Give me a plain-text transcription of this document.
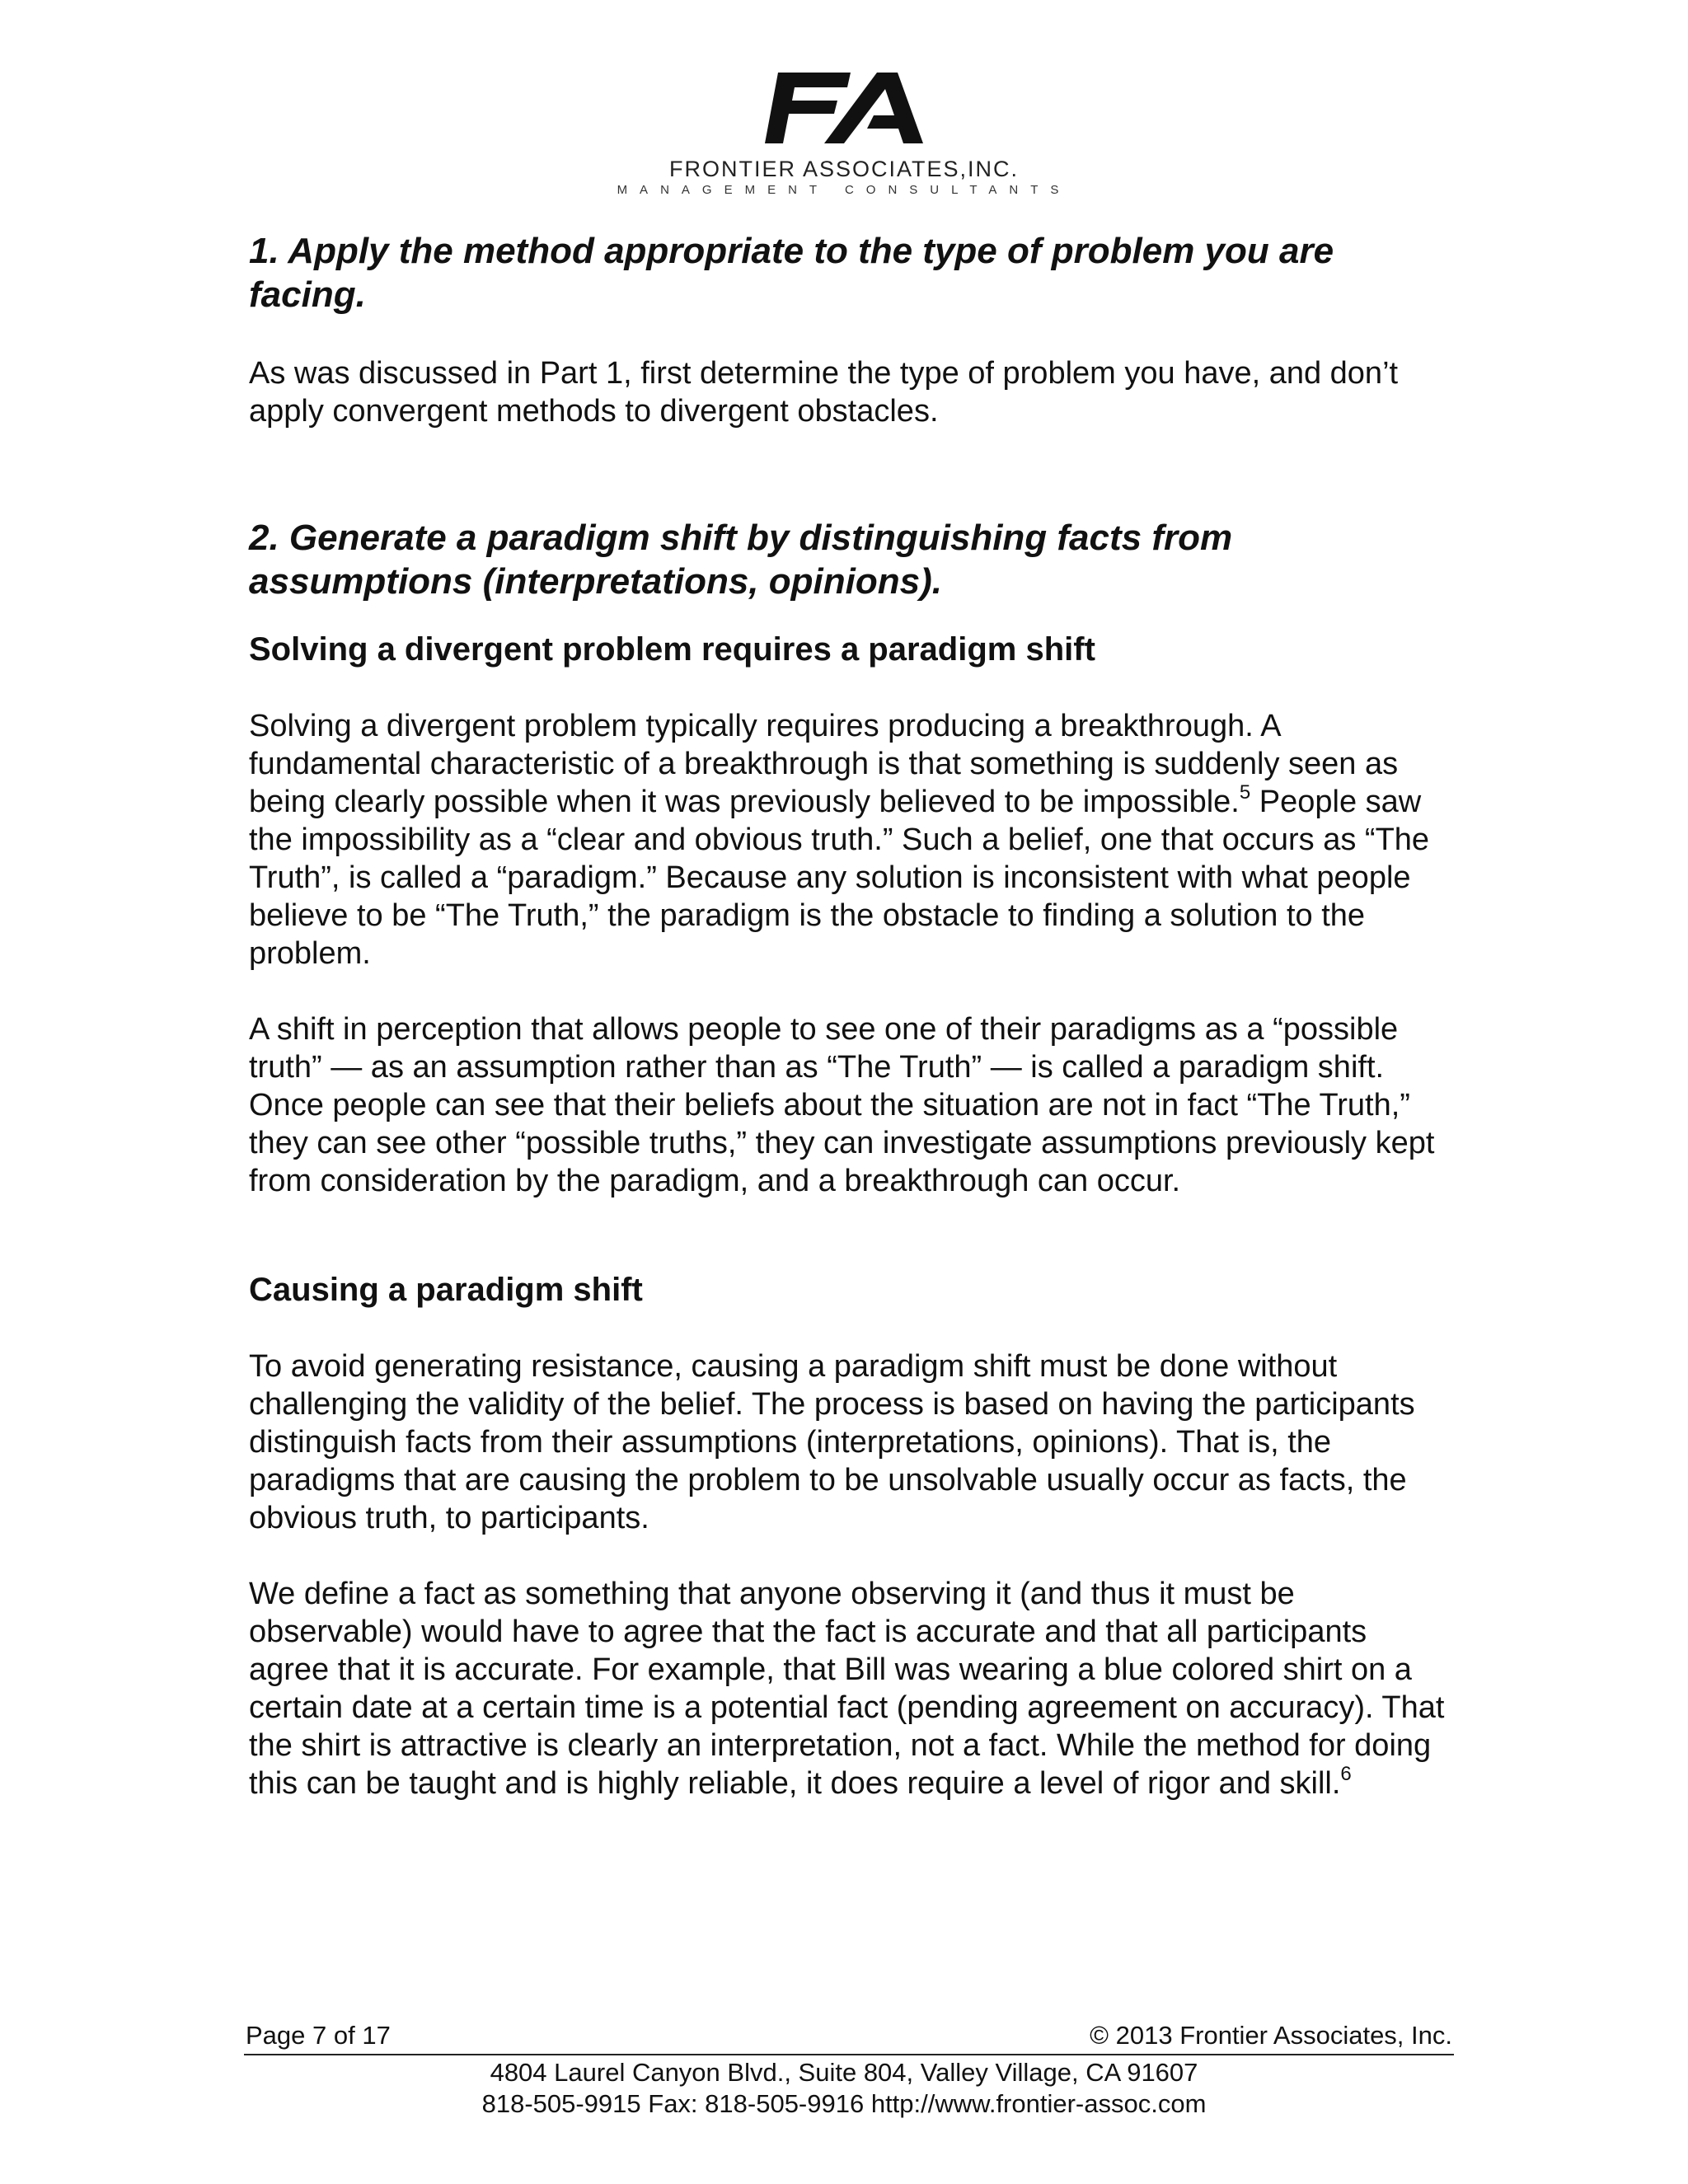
FRONTIER ASSOCIATES,INC.
MANAGEMENT CONSULTANTS
1. Apply the method appropriate to the type of problem you are facing.

As was discussed in Part 1, first determine the type of problem you have, and don’t apply convergent methods to divergent obstacles.

2. Generate a paradigm shift by distinguishing facts from assumptions (interpretations, opinions).
Solving a divergent problem requires a paradigm shift

Solving a divergent problem typically requires producing a breakthrough. A fundamental characteristic of a breakthrough is that something is suddenly seen as being clearly possible when it was previously believed to be impossible.$^5$ People saw the impossibility as a “clear and obvious truth.” Such a belief, one that occurs as “The Truth”, is called a “paradigm.” Because any solution is inconsistent with what people believe to be “The Truth,” the paradigm is the obstacle to finding a solution to the problem.

A shift in perception that allows people to see one of their paradigms as a “possible truth” — as an assumption rather than as “The Truth” — is called a paradigm shift. Once people can see that their beliefs about the situation are not in fact “The Truth,” they can see other “possible truths,” they can investigate assumptions previously kept from consideration by the paradigm, and a breakthrough can occur.

Causing a paradigm shift

To avoid generating resistance, causing a paradigm shift must be done without challenging the validity of the belief. The process is based on having the participants distinguish facts from their assumptions (interpretations, opinions). That is, the paradigms that are causing the problem to be unsolvable usually occur as facts, the obvious truth, to participants.

We define a fact as something that anyone observing it (and thus it must be observable) would have to agree that the fact is accurate and that all participants agree that it is accurate. For example, that Bill was wearing a blue colored shirt on a certain date at a certain time is a potential fact (pending agreement on accuracy). That the shirt is attractive is clearly an interpretation, not a fact. While the method for doing this can be taught and is highly reliable, it does require a level of rigor and skill.$^6$

Page 7 of 17	© 2013 Frontier Associates, Inc.
4804 Laurel Canyon Blvd., Suite 804, Valley Village, CA 91607
818-505-9915 Fax: 818-505-9916 http://www.frontier-assoc.com
